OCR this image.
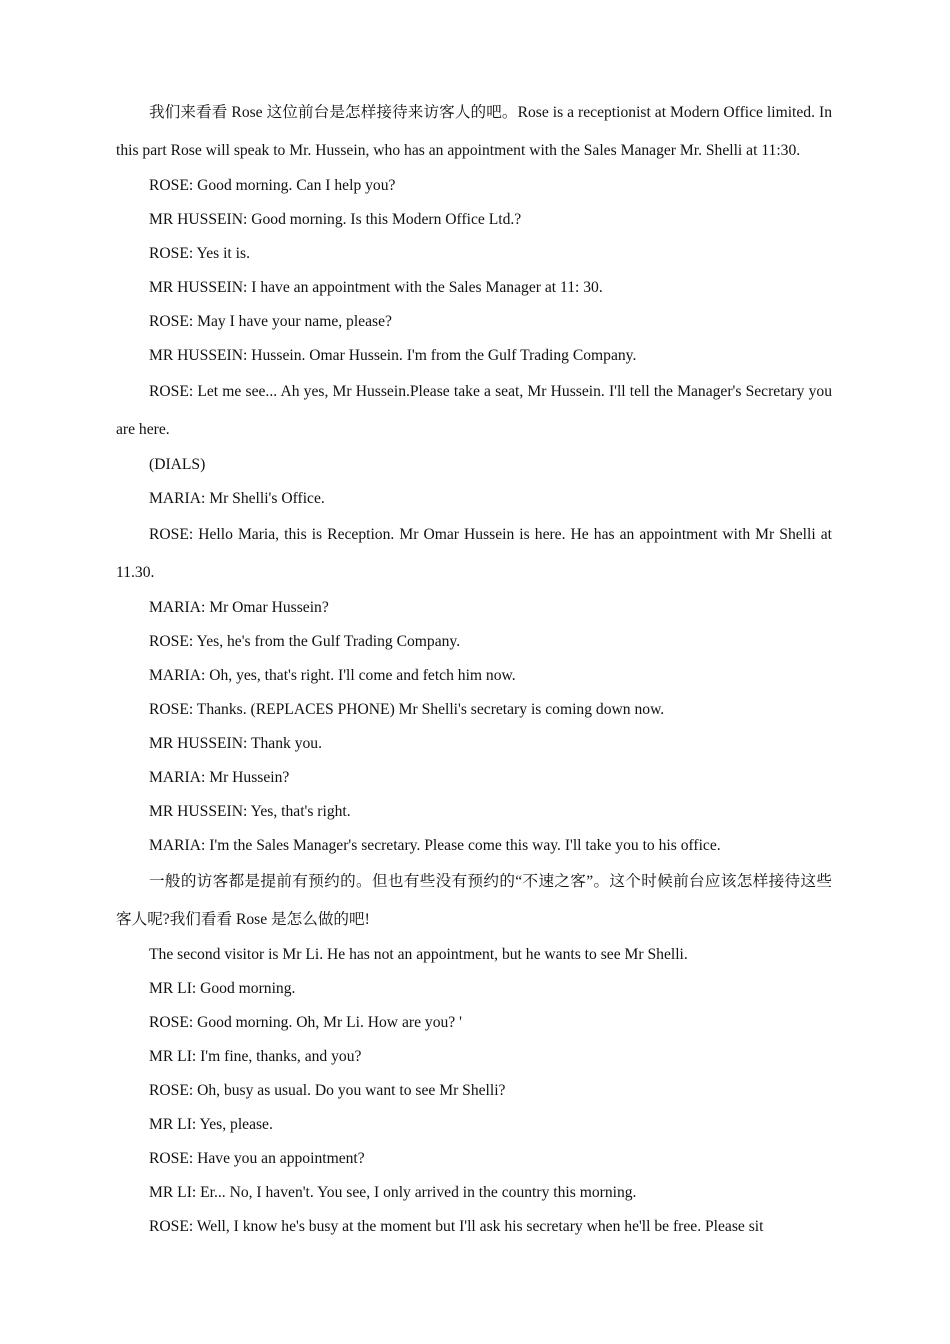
我们来看看 Rose 这位前台是怎样接待来访客人的吧。Rose is a receptionist at Modern Office limited. In this part Rose will speak to Mr. Hussein, who has an appointment with the Sales Manager Mr. Shelli at 11:30.

ROSE: Good morning. Can I help you?

MR HUSSEIN: Good morning. Is this Modern Office Ltd.?

ROSE: Yes it is.

MR HUSSEIN: I have an appointment with the Sales Manager at 11: 30.

ROSE: May I have your name, please?

MR HUSSEIN: Hussein. Omar Hussein. I'm from the Gulf Trading Company.

ROSE: Let me see... Ah yes, Mr Hussein.Please take a seat, Mr Hussein. I'll tell the Manager's Secretary you are here.

(DIALS)

MARIA: Mr Shelli's Office.

ROSE: Hello Maria, this is Reception. Mr Omar Hussein is here. He has an appointment with Mr Shelli at 11.30.

MARIA: Mr Omar Hussein?

ROSE: Yes, he's from the Gulf Trading Company.

MARIA: Oh, yes, that's right. I'll come and fetch him now.

ROSE: Thanks. (REPLACES PHONE) Mr Shelli's secretary is coming down now.

MR HUSSEIN: Thank you.

MARIA: Mr Hussein?

MR HUSSEIN: Yes, that's right.

MARIA: I'm the Sales Manager's secretary. Please come this way. I'll take you to his office.

一般的访客都是提前有预约的。但也有些没有预约的“不速之客”。这个时候前台应该怎样接待这些客人呢?我们看看 Rose 是怎么做的吧!

The second visitor is Mr Li. He has not an appointment, but he wants to see Mr Shelli.

MR LI: Good morning.

ROSE: Good morning. Oh, Mr Li. How are you? '

MR LI: I'm fine, thanks, and you?

ROSE: Oh, busy as usual. Do you want to see Mr Shelli?

MR LI: Yes, please.

ROSE: Have you an appointment?

MR LI: Er... No, I haven't. You see, I only arrived in the country this morning.

ROSE: Well, I know he's busy at the moment but I'll ask his secretary when he'll be free. Please sit
